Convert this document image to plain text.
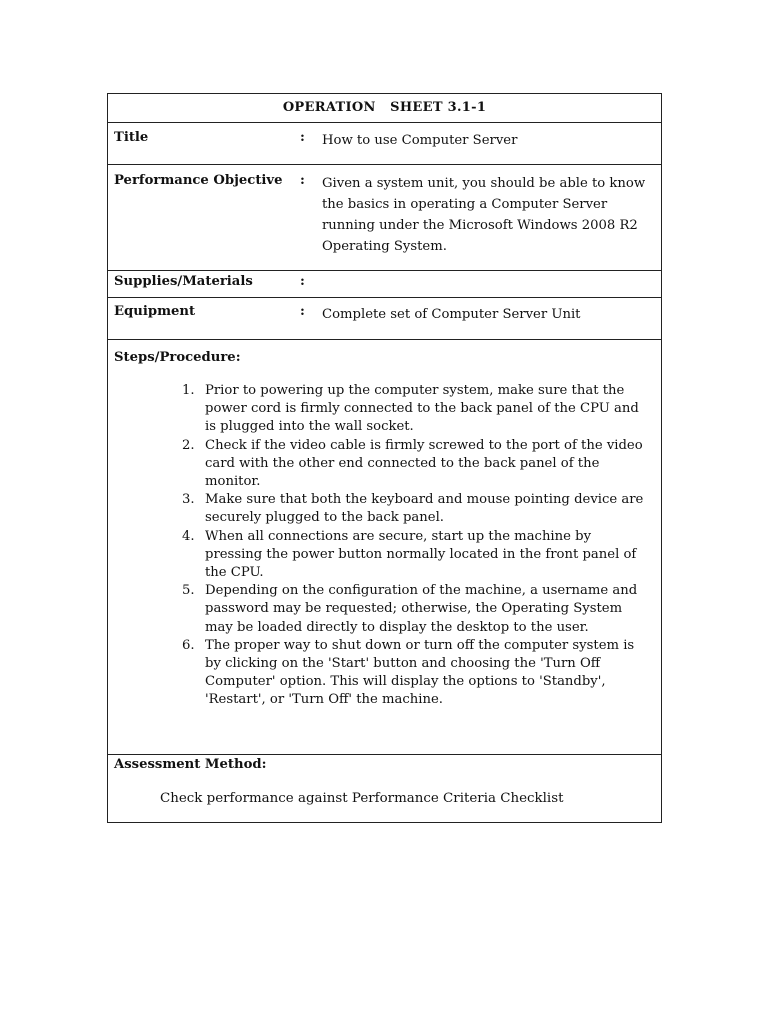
OPERATION   SHEET 3.1-1
Title	:	How to use Computer Server
Performance Objective	:	Given a system unit, you should be able to know the basics in operating a Computer Server running under the Microsoft Windows 2008 R2 Operating System.
Supplies/Materials	:
Equipment	:	Complete set of Computer Server Unit
Steps/Procedure:
1. Prior to powering up the computer system, make sure that the power cord is firmly connected to the back panel of the CPU and is plugged into the wall socket.
2. Check if the video cable is firmly screwed to the port of the video card with the other end connected to the back panel of the monitor.
3. Make sure that both the keyboard and mouse pointing device are securely plugged to the back panel.
4. When all connections are secure, start up the machine by pressing the power button normally located in the front panel of the CPU.
5. Depending on the configuration of the machine, a username and password may be requested; otherwise, the Operating System may be loaded directly to display the desktop to the user.
6. The proper way to shut down or turn off the computer system is by clicking on the 'Start' button and choosing the 'Turn Off Computer' option. This will display the options to 'Standby', 'Restart', or 'Turn Off' the machine.
Assessment Method:
Check performance against Performance Criteria Checklist
